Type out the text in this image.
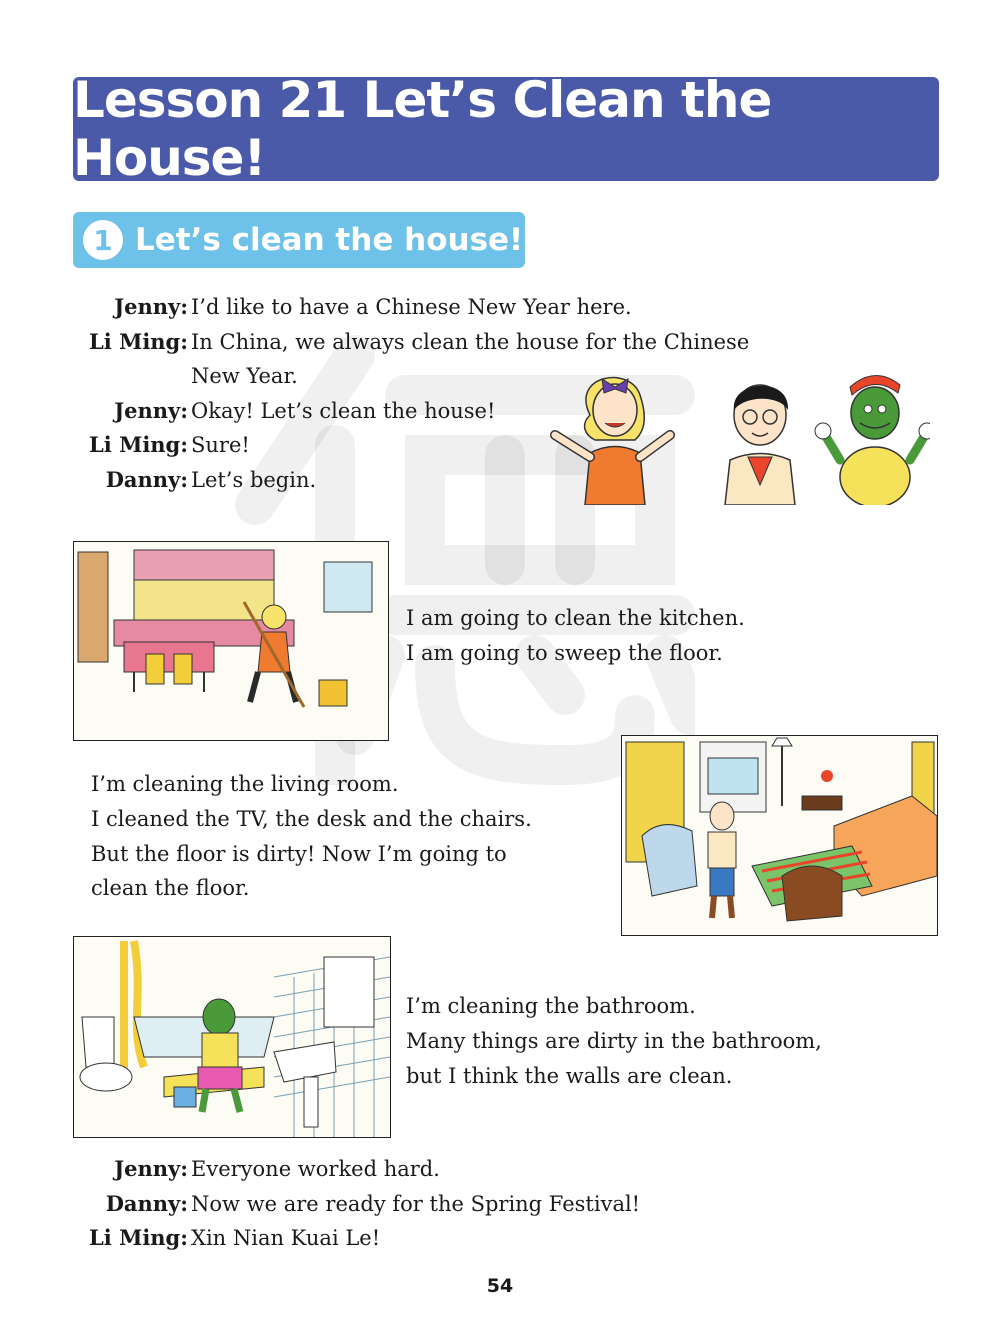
Lesson 21 Let’s Clean the House!
1 Let’s clean the house!
Jenny: I’d like to have a Chinese New Year here.
Li Ming: In China, we always clean the house for the Chinese
New Year.
Jenny: Okay! Let’s clean the house!
Li Ming: Sure!
Danny: Let’s begin.
I am going to clean the kitchen.
I am going to sweep the floor.
I’m cleaning the living room.
I cleaned the TV, the desk and the chairs.
But the floor is dirty! Now I’m going to
clean the floor.
I’m cleaning the bathroom.
Many things are dirty in the bathroom,
but I think the walls are clean.
Jenny: Everyone worked hard.
Danny: Now we are ready for the Spring Festival!
Li Ming: Xin Nian Kuai Le!
54
